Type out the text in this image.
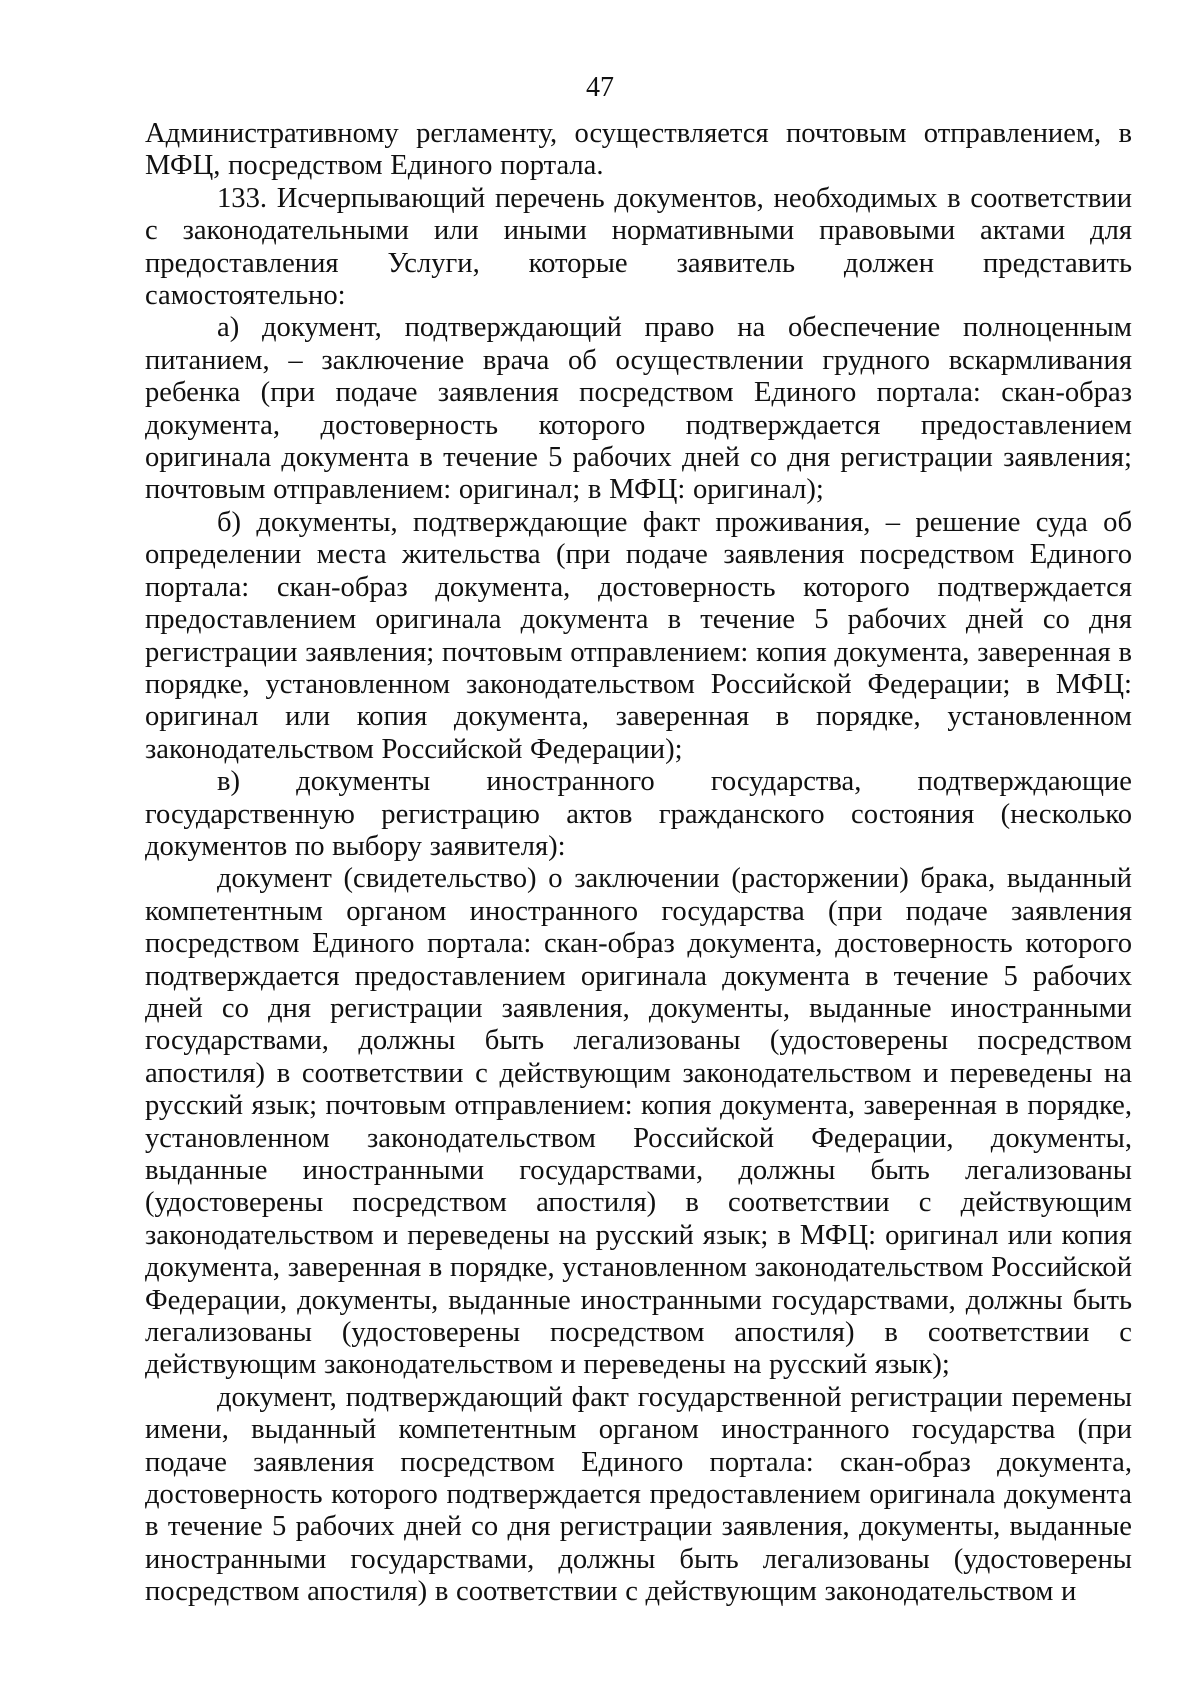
47

Административному регламенту, осуществляется почтовым отправлением, в МФЦ, посредством Единого портала.

133. Исчерпывающий перечень документов, необходимых в соответствии с законодательными или иными нормативными правовыми актами для предоставления Услуги, которые заявитель должен представить самостоятельно:

а) документ, подтверждающий право на обеспечение полноценным питанием, – заключение врача об осуществлении грудного вскармливания ребенка (при подаче заявления посредством Единого портала: скан-образ документа, достоверность которого подтверждается предоставлением оригинала документа в течение 5 рабочих дней со дня регистрации заявления; почтовым отправлением: оригинал; в МФЦ: оригинал);

б) документы, подтверждающие факт проживания, – решение суда об определении места жительства (при подаче заявления посредством Единого портала: скан-образ документа, достоверность которого подтверждается предоставлением оригинала документа в течение 5 рабочих дней со дня регистрации заявления; почтовым отправлением: копия документа, заверенная в порядке, установленном законодательством Российской Федерации; в МФЦ: оригинал или копия документа, заверенная в порядке, установленном законодательством Российской Федерации);

в) документы иностранного государства, подтверждающие государственную регистрацию актов гражданского состояния (несколько документов по выбору заявителя):

документ (свидетельство) о заключении (расторжении) брака, выданный компетентным органом иностранного государства (при подаче заявления посредством Единого портала: скан-образ документа, достоверность которого подтверждается предоставлением оригинала документа в течение 5 рабочих дней со дня регистрации заявления, документы, выданные иностранными государствами, должны быть легализованы (удостоверены посредством апостиля) в соответствии с действующим законодательством и переведены на русский язык; почтовым отправлением: копия документа, заверенная в порядке, установленном законодательством Российской Федерации, документы, выданные иностранными государствами, должны быть легализованы (удостоверены посредством апостиля) в соответствии с действующим законодательством и переведены на русский язык; в МФЦ: оригинал или копия документа, заверенная в порядке, установленном законодательством Российской Федерации, документы, выданные иностранными государствами, должны быть легализованы (удостоверены посредством апостиля) в соответствии с действующим законодательством и переведены на русский язык);

документ, подтверждающий факт государственной регистрации перемены имени, выданный компетентным органом иностранного государства (при подаче заявления посредством Единого портала: скан-образ документа, достоверность которого подтверждается предоставлением оригинала документа в течение 5 рабочих дней со дня регистрации заявления, документы, выданные иностранными государствами, должны быть легализованы (удостоверены посредством апостиля) в соответствии с действующим законодательством и
